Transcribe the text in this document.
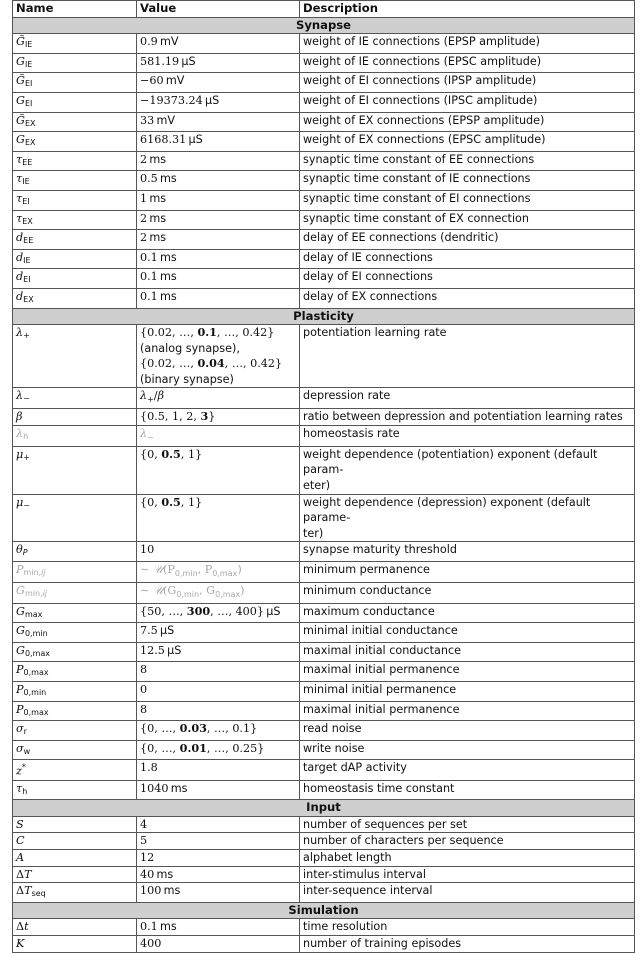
Name	Value	Description
Synapse		
$G̃_{IE}$	0.9 mV	weight of IE connections (EPSP amplitude)
$G_{IE}$	581.19 μS	weight of IE connections (EPSC amplitude)
$G̃_{EI}$	−60 mV	weight of EI connections (IPSP amplitude)
$G_{EI}$	−19373.24 μS	weight of EI connections (IPSC amplitude)
$G̃_{EX}$	33 mV	weight of EX connections (EPSP amplitude)
$G_{EX}$	6168.31 μS	weight of EX connections (EPSC amplitude)
$\tau_{EE}$	2 ms	synaptic time constant of EE connections
$\tau_{IE}$	0.5 ms	synaptic time constant of IE connections
$\tau_{EI}$	1 ms	synaptic time constant of EI connections
$\tau_{EX}$	2 ms	synaptic time constant of EX connection
$d_{EE}$	2 ms	delay of EE connections (dendritic)
$d_{IE}$	0.1 ms	delay of IE connections
$d_{EI}$	0.1 ms	delay of EI connections
$d_{EX}$	0.1 ms	delay of EX connections
Plasticity		
$\lambda_+$	{0.02, …, 0.1, …, 0.42}
(analog synapse),
{0.02, …, 0.04, …, 0.42}
(binary synapse)	potentiation learning rate
$\lambda_-$	$\lambda_+/\beta$	depression rate
β	{0.5, 1, 2, 3}	ratio between depression and potentiation learning rates
$\lambda_h$	$\lambda_-$	homeostasis rate
$\mu_+$	{0, 0.5, 1}	weight dependence (potentiation) exponent (default param-
eter)
$\mu_-$	{0, 0.5, 1}	weight dependence (depression) exponent (default parame-
ter)
$\theta_P$	10	synapse maturity threshold
$P_{min,ij}$	∼ $𝒰(P_{0,min}$, $P_{0,max}$)	minimum permanence
$G_{min,ij}$	∼ $𝒰(G_{0,min}$, $G_{0,max}$)	minimum conductance
$G_{max}$	{50, …, 300, …, 400} μS	maximum conductance
$G_{0,min}$	7.5 μS	minimal initial conductance
$G_{0,max}$	12.5 μS	maximal initial conductance
$P_{0,max}$	8	maximal initial permanence
$P_{0,min}$	0	minimal initial permanence
$P_{0,max}$	8	maximal initial permanence
$\sigma_r$	{0, …, 0.03, …, 0.1}	read noise
$\sigma_w$	{0, …, 0.01, …, 0.25}	write noise
z*	1.8	target dAP activity
$\tau_h$	1040 ms	homeostasis time constant
Input		
S	4	number of sequences per set
C	5	number of characters per sequence
A	12	alphabet length
ΔT	40 ms	inter-stimulus interval
$\Delta T_{seq}$	100 ms	inter-sequence interval
Simulation		
Δt	0.1 ms	time resolution
K	400	number of training episodes
